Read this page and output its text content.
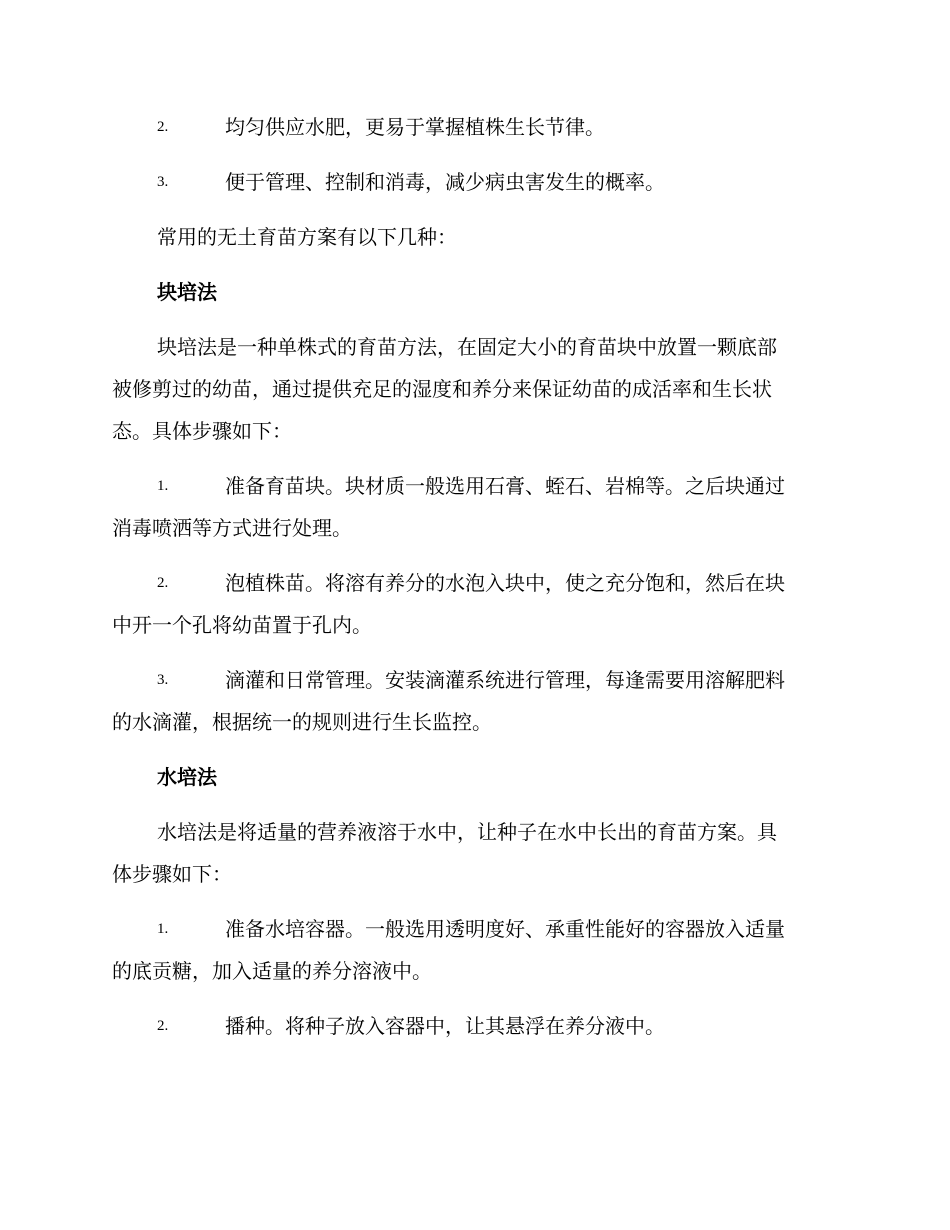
2.	均匀供应水肥，更易于掌握植株生长节律。
3.	便于管理、控制和消毒，减少病虫害发生的概率。
常用的无土育苗方案有以下几种：
块培法
块培法是一种单株式的育苗方法，在固定大小的育苗块中放置一颗底部
被修剪过的幼苗，通过提供充足的湿度和养分来保证幼苗的成活率和生长状
态。具体步骤如下：
1.	准备育苗块。块材质一般选用石膏、蛭石、岩棉等。之后块通过
消毒喷洒等方式进行处理。
2.	泡植株苗。将溶有养分的水泡入块中，使之充分饱和，然后在块
中开一个孔将幼苗置于孔内。
3.	滴灌和日常管理。安装滴灌系统进行管理，每逢需要用溶解肥料
的水滴灌，根据统一的规则进行生长监控。
水培法
水培法是将适量的营养液溶于水中，让种子在水中长出的育苗方案。具
体步骤如下：
1.	准备水培容器。一般选用透明度好、承重性能好的容器放入适量
的底贡糖，加入适量的养分溶液中。
2.	播种。将种子放入容器中，让其悬浮在养分液中。
